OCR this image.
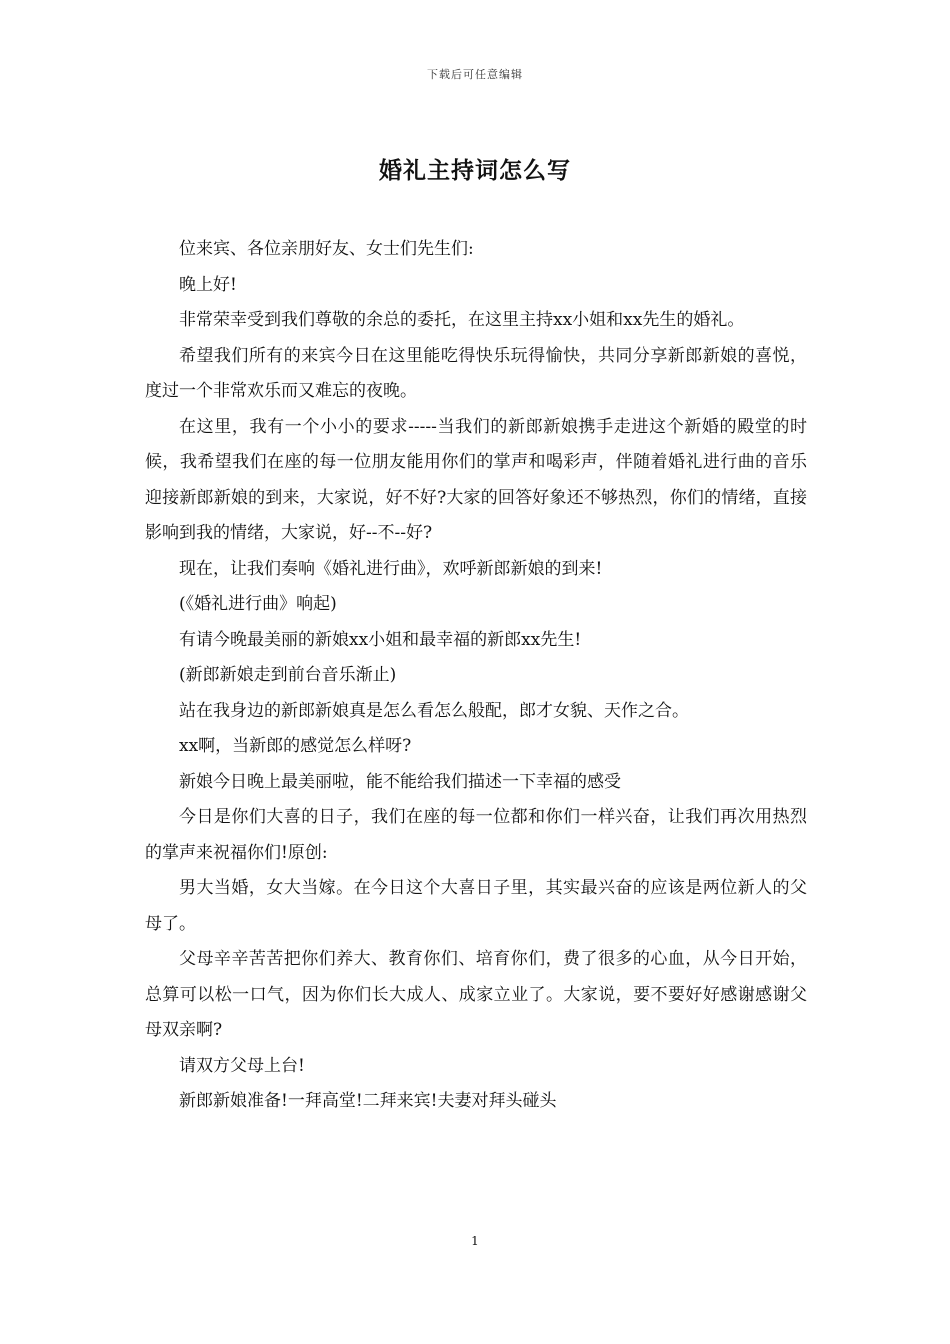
下载后可任意编辑
婚礼主持词怎么写

位来宾、各位亲朋好友、女士们先生们:

晚上好!

非常荣幸受到我们尊敬的余总的委托，在这里主持xx小姐和xx先生的婚礼。

希望我们所有的来宾今日在这里能吃得快乐玩得愉快，共同分享新郎新娘的喜悦，度过一个非常欢乐而又难忘的夜晚。

在这里，我有一个小小的要求-----当我们的新郎新娘携手走进这个新婚的殿堂的时候，我希望我们在座的每一位朋友能用你们的掌声和喝彩声，伴随着婚礼进行曲的音乐迎接新郎新娘的到来，大家说，好不好?大家的回答好象还不够热烈，你们的情绪，直接影响到我的情绪，大家说，好--不--好?

现在，让我们奏响《婚礼进行曲》，欢呼新郎新娘的到来!

(《婚礼进行曲》响起)

有请今晚最美丽的新娘xx小姐和最幸福的新郎xx先生!

(新郎新娘走到前台音乐渐止)

站在我身边的新郎新娘真是怎么看怎么般配，郎才女貌、天作之合。

xx啊，当新郎的感觉怎么样呀?

新娘今日晚上最美丽啦，能不能给我们描述一下幸福的感受

今日是你们大喜的日子，我们在座的每一位都和你们一样兴奋，让我们再次用热烈的掌声来祝福你们!原创:

男大当婚，女大当嫁。在今日这个大喜日子里，其实最兴奋的应该是两位新人的父母了。

父母辛辛苦苦把你们养大、教育你们、培育你们，费了很多的心血，从今日开始，总算可以松一口气，因为你们长大成人、成家立业了。大家说，要不要好好感谢感谢父母双亲啊?

请双方父母上台!

新郎新娘准备!一拜高堂!二拜来宾!夫妻对拜头碰头

1
